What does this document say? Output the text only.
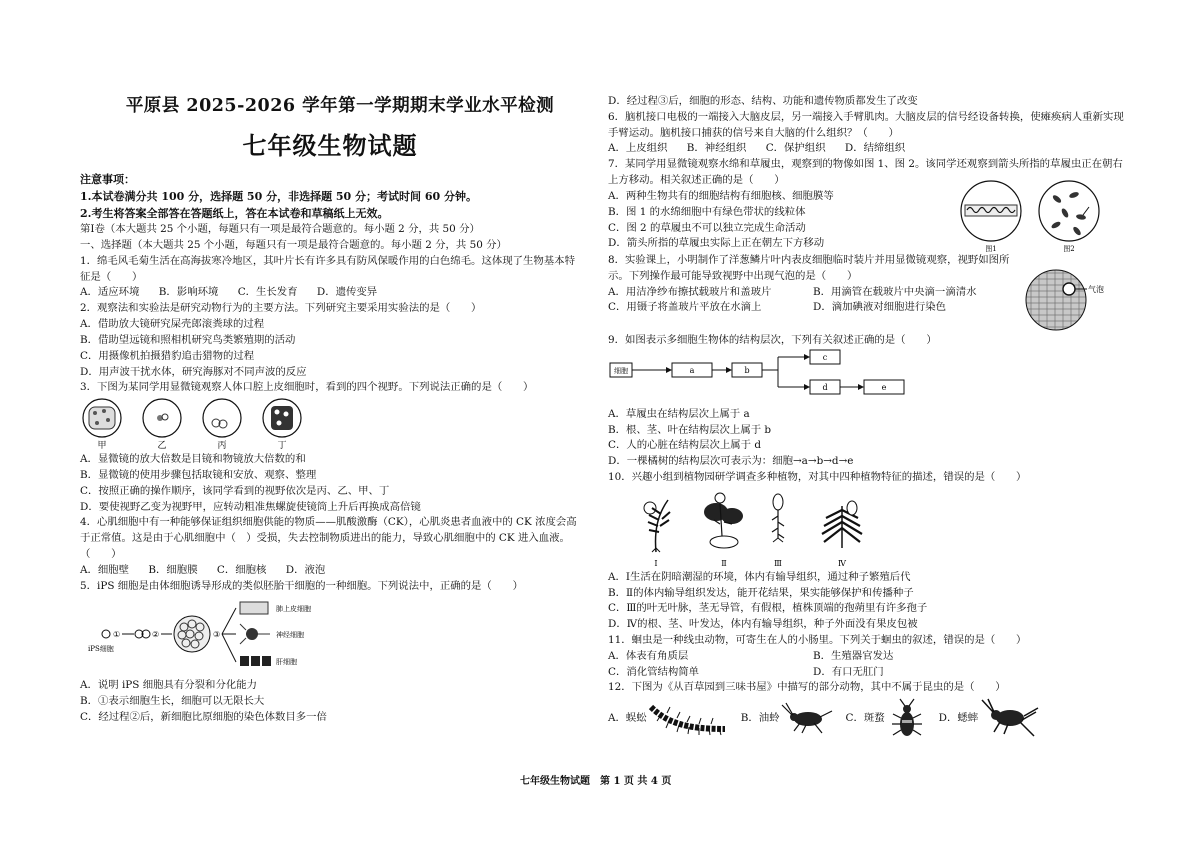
平原县 2025-2026 学年第一学期期末学业水平检测
七年级生物试题
注意事项：
1.本试卷满分共 100 分，选择题 50 分，非选择题 50 分；考试时间 60 分钟。
2.考生将答案全部答在答题纸上，答在本试卷和草稿纸上无效。
第Ⅰ卷（本大题共 25 个小题，每题只有一项是最符合题意的。每小题 2 分，共 50 分）
一、选择题（本大题共 25 个小题，每题只有一项是最符合题意的。每小题 2 分，共 50 分）
1．绵毛风毛菊生活在高海拔寒冷地区，其叶片长有许多具有防风保暖作用的白色绵毛。这体现了生物基本特征是（　　）
A．适应环境 B．影响环境 C．生长发育 D．遗传变异
2．观察法和实验法是研究动物行为的主要方法。下列研究主要采用实验法的是（　　）
A．借助放大镜研究屎壳郎滚粪球的过程
B．借助望远镜和照相机研究鸟类繁殖期的活动
C．用摄像机拍摄猎豹追击猎物的过程
D．用声波干扰水体，研究海豚对不同声波的反应
3．下图为某同学用显微镜观察人体口腔上皮细胞时，看到的四个视野。下列说法正确的是（　　）
甲	乙	丙	丁
A．显微镜的放大倍数是目镜和物镜放大倍数的和
B．显微镜的使用步骤包括取镜和安放、观察、整理
C．按照正确的操作顺序，该同学看到的视野依次是丙、乙、甲、丁
D．要使视野乙变为视野甲，应转动粗准焦螺旋使镜筒上升后再换成高倍镜
4．心肌细胞中有一种能够保证组织细胞供能的物质——肌酸激酶（CK），心肌炎患者血液中的 CK 浓度会高于正常值。这是由于心肌细胞中（　）受损，失去控制物质进出的能力，导致心肌细胞中的 CK 进入血液。（　　）
A．细胞壁 B．细胞膜 C．细胞核 D．液泡
5．iPS 细胞是由体细胞诱导形成的类似胚胎干细胞的一种细胞。下列说法中，正确的是（　　）
①	②	③
iPS细胞
肺上皮细胞
神经细胞
肝细胞
A．说明 iPS 细胞具有分裂和分化能力
B．①表示细胞生长，细胞可以无限长大
C．经过程②后，新细胞比原细胞的染色体数目多一倍
D．经过程③后，细胞的形态、结构、功能和遗传物质都发生了改变
6．脑机接口电极的一端接入大脑皮层，另一端接入手臂肌肉。大脑皮层的信号经设备转换，使瘫痪病人重新实现手臂运动。脑机接口捕获的信号来自大脑的什么组织？（　　）
A．上皮组织 B．神经组织 C．保护组织 D．结缔组织
7．某同学用显微镜观察水绵和草履虫，观察到的物像如图 1、图 2。该同学还观察到箭头所指的草履虫正在朝右上方移动。相关叙述正确的是（　　）
A．两种生物共有的细胞结构有细胞核、细胞膜等
B．图 1 的水绵细胞中有绿色带状的线粒体
C．图 2 的草履虫不可以独立完成生命活动
D．箭头所指的草履虫实际上正在朝左下方移动	图1	图2
8．实验课上，小明制作了洋葱鳞片叶内表皮细胞临时装片并用显微镜观察，视野如图所示。下列操作最可能导致视野中出现气泡的是（　　）
A．用洁净纱布擦拭载玻片和盖玻片	B．用滴管在载玻片中央滴一滴清水
C．用镊子将盖玻片平放在水滴上	D．滴加碘液对细胞进行染色
气泡
9．如图表示多细胞生物体的结构层次，下列有关叙述正确的是（　　）
细胞	a	b
c
d	e
A．草履虫在结构层次上属于 a
B．根、茎、叶在结构层次上属于 b
C．人的心脏在结构层次上属于 d
D．一棵橘树的结构层次可表示为：细胞→a→b→d→e
10．兴趣小组到植物园研学调查多种植物，对其中四种植物特征的描述，错误的是（　　）
Ⅰ	Ⅱ	Ⅲ	Ⅳ
A．Ⅰ生活在阴暗潮湿的环境，体内有输导组织，通过种子繁殖后代
B．Ⅱ的体内输导组织发达，能开花结果，果实能够保护和传播种子
C．Ⅲ的叶无叶脉，茎无导管，有假根，植株顶端的孢蒴里有许多孢子
D．Ⅳ的根、茎、叶发达，体内有输导组织，种子外面没有果皮包被
11．蛔虫是一种线虫动物，可寄生在人的小肠里。下列关于蛔虫的叙述，错误的是（　　）
A．体表有角质层	B．生殖器官发达
C．消化管结构简单	D．有口无肛门
12．下图为《从百草园到三味书屋》中描写的部分动物，其中不属于昆虫的是（　　）
A．蜈蚣	B．油蛉	C．斑蝥	D．蟋蟀
七年级生物试题　第 1 页 共 4 页
